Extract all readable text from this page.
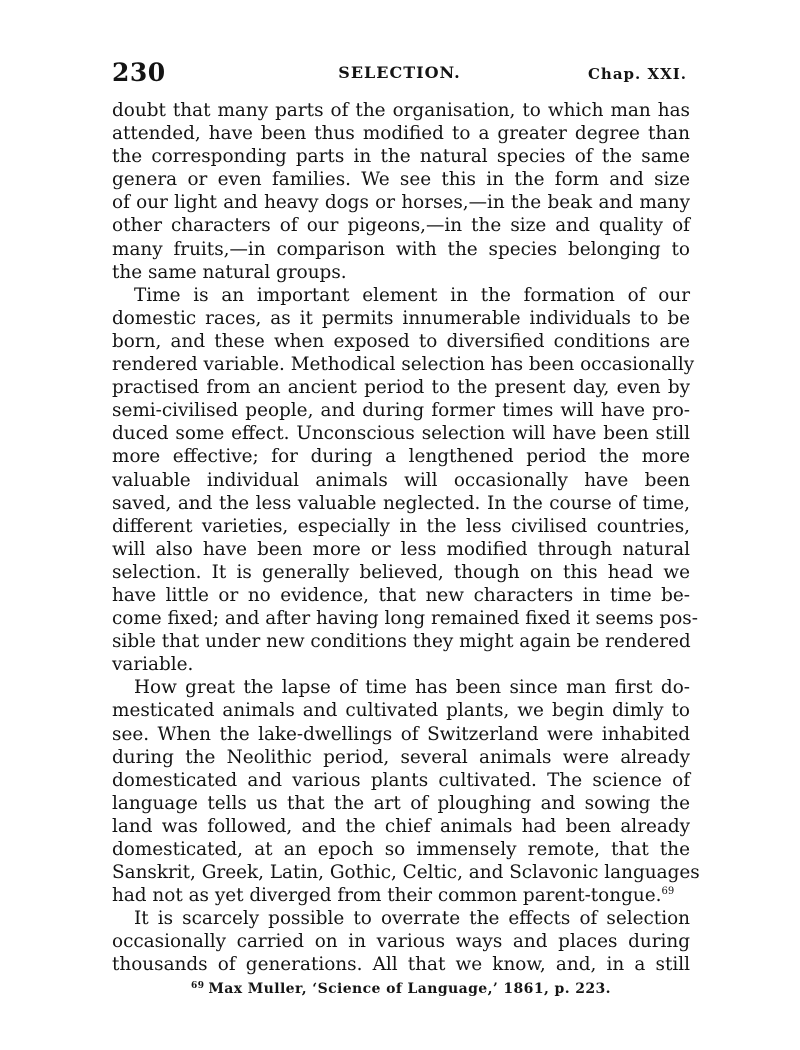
230	SELECTION.	Chap. XXI.
doubt that many parts of the organisation, to which man has
attended, have been thus modified to a greater degree than
the corresponding parts in the natural species of the same
genera or even families. We see this in the form and size
of our light and heavy dogs or horses,—in the beak and many
other characters of our pigeons,—in the size and quality of
many fruits,—in comparison with the species belonging to
the same natural groups.
Time is an important element in the formation of our
domestic races, as it permits innumerable individuals to be
born, and these when exposed to diversified conditions are
rendered variable. Methodical selection has been occasionally
practised from an ancient period to the present day, even by
semi-civilised people, and during former times will have pro-
duced some effect. Unconscious selection will have been still
more effective; for during a lengthened period the more
valuable individual animals will occasionally have been
saved, and the less valuable neglected. In the course of time,
different varieties, especially in the less civilised countries,
will also have been more or less modified through natural
selection. It is generally believed, though on this head we
have little or no evidence, that new characters in time be-
come fixed; and after having long remained fixed it seems pos-
sible that under new conditions they might again be rendered
variable.
How great the lapse of time has been since man first do-
mesticated animals and cultivated plants, we begin dimly to
see. When the lake-dwellings of Switzerland were inhabited
during the Neolithic period, several animals were already
domesticated and various plants cultivated. The science of
language tells us that the art of ploughing and sowing the
land was followed, and the chief animals had been already
domesticated, at an epoch so immensely remote, that the
Sanskrit, Greek, Latin, Gothic, Celtic, and Sclavonic languages
had not as yet diverged from their common parent-tongue.$^{69}$
It is scarcely possible to overrate the effects of selection
occasionally carried on in various ways and places during
thousands of generations. All that we know, and, in a still
$^{69}$ Max Muller, ‘Science of Language,’ 1861, p. 223.
